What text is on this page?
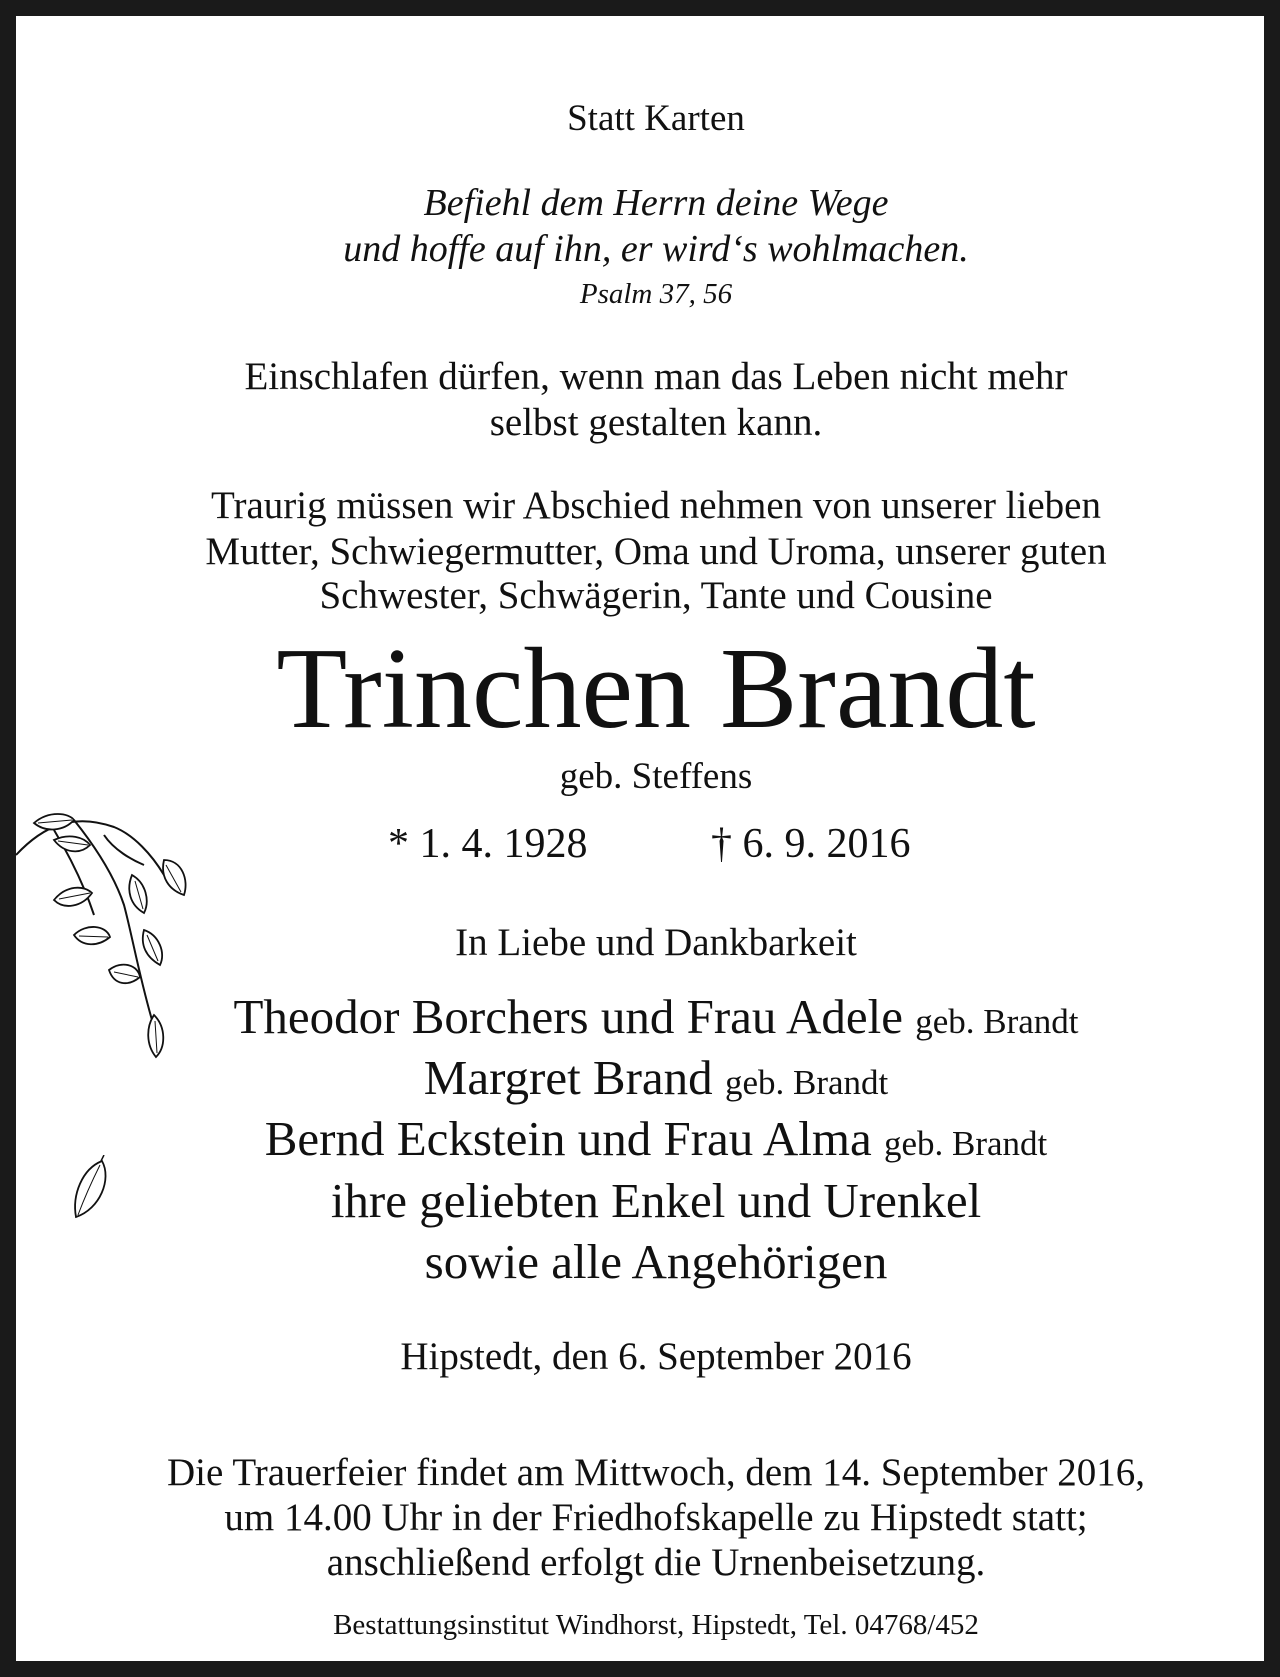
Statt Karten

Befiehl dem Herrn deine Wege

und hoffe auf ihn, er wird‘s wohlmachen.

Psalm 37, 56

Einschlafen dürfen, wenn man das Leben nicht mehr

selbst gestalten kann.

Traurig müssen wir Abschied nehmen von unserer lieben

Mutter, Schwiegermutter, Oma und Uroma, unserer guten

Schwester, Schwägerin, Tante und Cousine

Trinchen Brandt

geb. Steffens

* 1. 4. 1928	† 6. 9. 2016

In Liebe und Dankbarkeit

Theodor Borchers und Frau Adele geb. Brandt

Margret Brand geb. Brandt

Bernd Eckstein und Frau Alma geb. Brandt

ihre geliebten Enkel und Urenkel

sowie alle Angehörigen

Hipstedt, den 6. September 2016

Die Trauerfeier findet am Mittwoch, dem 14. September 2016,

um 14.00 Uhr in der Friedhofskapelle zu Hipstedt statt;

anschließend erfolgt die Urnenbeisetzung.

Bestattungsinstitut Windhorst, Hipstedt, Tel. 04768/452
